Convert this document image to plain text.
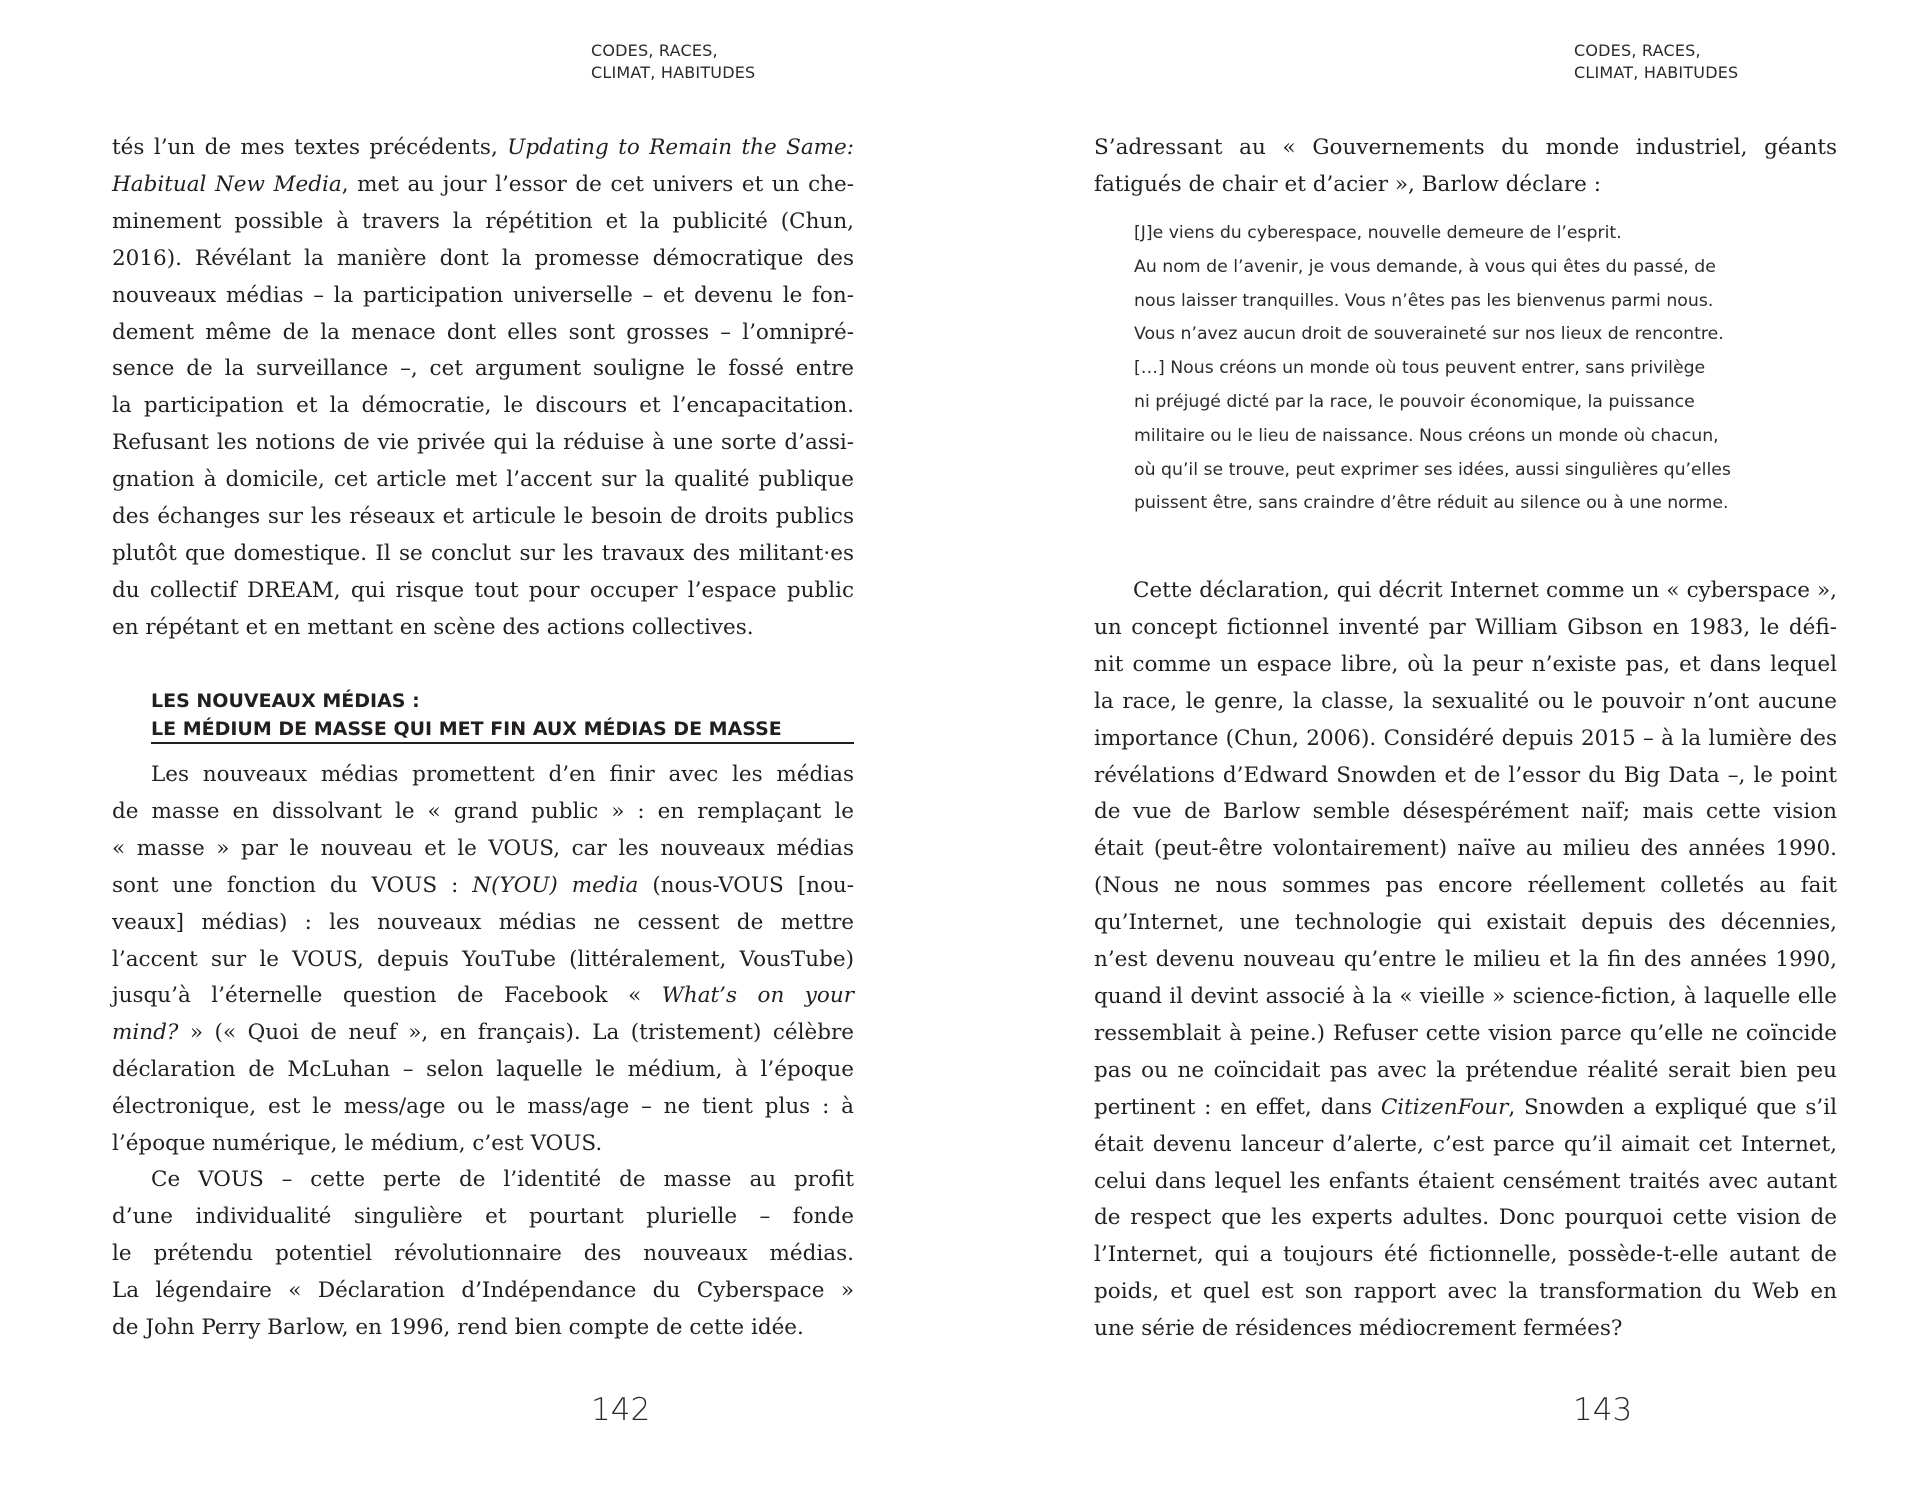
CODES, RACES,
CLIMAT, HABITUDES
tés l’un de mes textes précédents, Updating to Remain the Same:
Habitual New Media, met au jour l’essor de cet univers et un che-
minement possible à travers la répétition et la publicité (Chun,
2016). Révélant la manière dont la promesse démocratique des
nouveaux médias – la participation universelle – et devenu le fon-
dement même de la menace dont elles sont grosses – l’omnipré-
sence de la surveillance –, cet argument souligne le fossé entre
la participation et la démocratie, le discours et l’encapacitation.
Refusant les notions de vie privée qui la réduise à une sorte d’assi-
gnation à domicile, cet article met l’accent sur la qualité publique
des échanges sur les réseaux et articule le besoin de droits publics
plutôt que domestique. Il se conclut sur les travaux des militant·es
du collectif DREAM, qui risque tout pour occuper l’espace public
en répétant et en mettant en scène des actions collectives.
LES NOUVEAUX MÉDIAS :
LE MÉDIUM DE MASSE QUI MET FIN AUX MÉDIAS DE MASSE
Les nouveaux médias promettent d’en finir avec les médias
de masse en dissolvant le « grand public » : en remplaçant le
« masse » par le nouveau et le VOUS, car les nouveaux médias
sont une fonction du VOUS : N(YOU) media (nous-VOUS [nou-
veaux] médias) : les nouveaux médias ne cessent de mettre
l’accent sur le VOUS, depuis YouTube (littéralement, VousTube)
jusqu’à l’éternelle question de Facebook « What’s on your
mind? » (« Quoi de neuf », en français). La (tristement) célèbre
déclaration de McLuhan – selon laquelle le médium, à l’époque
électronique, est le mess/age ou le mass/age – ne tient plus : à
l’époque numérique, le médium, c’est VOUS.
Ce VOUS – cette perte de l’identité de masse au profit
d’une individualité singulière et pourtant plurielle – fonde
le prétendu potentiel révolutionnaire des nouveaux médias.
La légendaire « Déclaration d’Indépendance du Cyberspace »
de John Perry Barlow, en 1996, rend bien compte de cette idée.
142
CODES, RACES,
CLIMAT, HABITUDES
S’adressant au « Gouvernements du monde industriel, géants
fatigués de chair et d’acier », Barlow déclare :
[J]e viens du cyberespace, nouvelle demeure de l’esprit.
Au nom de l’avenir, je vous demande, à vous qui êtes du passé, de
nous laisser tranquilles. Vous n’êtes pas les bienvenus parmi nous.
Vous n’avez aucun droit de souveraineté sur nos lieux de rencontre.
[…] Nous créons un monde où tous peuvent entrer, sans privilège
ni préjugé dicté par la race, le pouvoir économique, la puissance
militaire ou le lieu de naissance. Nous créons un monde où chacun,
où qu’il se trouve, peut exprimer ses idées, aussi singulières qu’elles
puissent être, sans craindre d’être réduit au silence ou à une norme.
Cette déclaration, qui décrit Internet comme un « cyberspace »,
un concept fictionnel inventé par William Gibson en 1983, le défi-
nit comme un espace libre, où la peur n’existe pas, et dans lequel
la race, le genre, la classe, la sexualité ou le pouvoir n’ont aucune
importance (Chun, 2006). Considéré depuis 2015 – à la lumière des
révélations d’Edward Snowden et de l’essor du Big Data –, le point
de vue de Barlow semble désespérément naïf; mais cette vision
était (peut-être volontairement) naïve au milieu des années 1990.
(Nous ne nous sommes pas encore réellement colletés au fait
qu’Internet, une technologie qui existait depuis des décennies,
n’est devenu nouveau qu’entre le milieu et la fin des années 1990,
quand il devint associé à la « vieille » science-fiction, à laquelle elle
ressemblait à peine.) Refuser cette vision parce qu’elle ne coïncide
pas ou ne coïncidait pas avec la prétendue réalité serait bien peu
pertinent : en effet, dans CitizenFour, Snowden a expliqué que s’il
était devenu lanceur d’alerte, c’est parce qu’il aimait cet Internet,
celui dans lequel les enfants étaient censément traités avec autant
de respect que les experts adultes. Donc pourquoi cette vision de
l’Internet, qui a toujours été fictionnelle, possède-t-elle autant de
poids, et quel est son rapport avec la transformation du Web en
une série de résidences médiocrement fermées?
143
